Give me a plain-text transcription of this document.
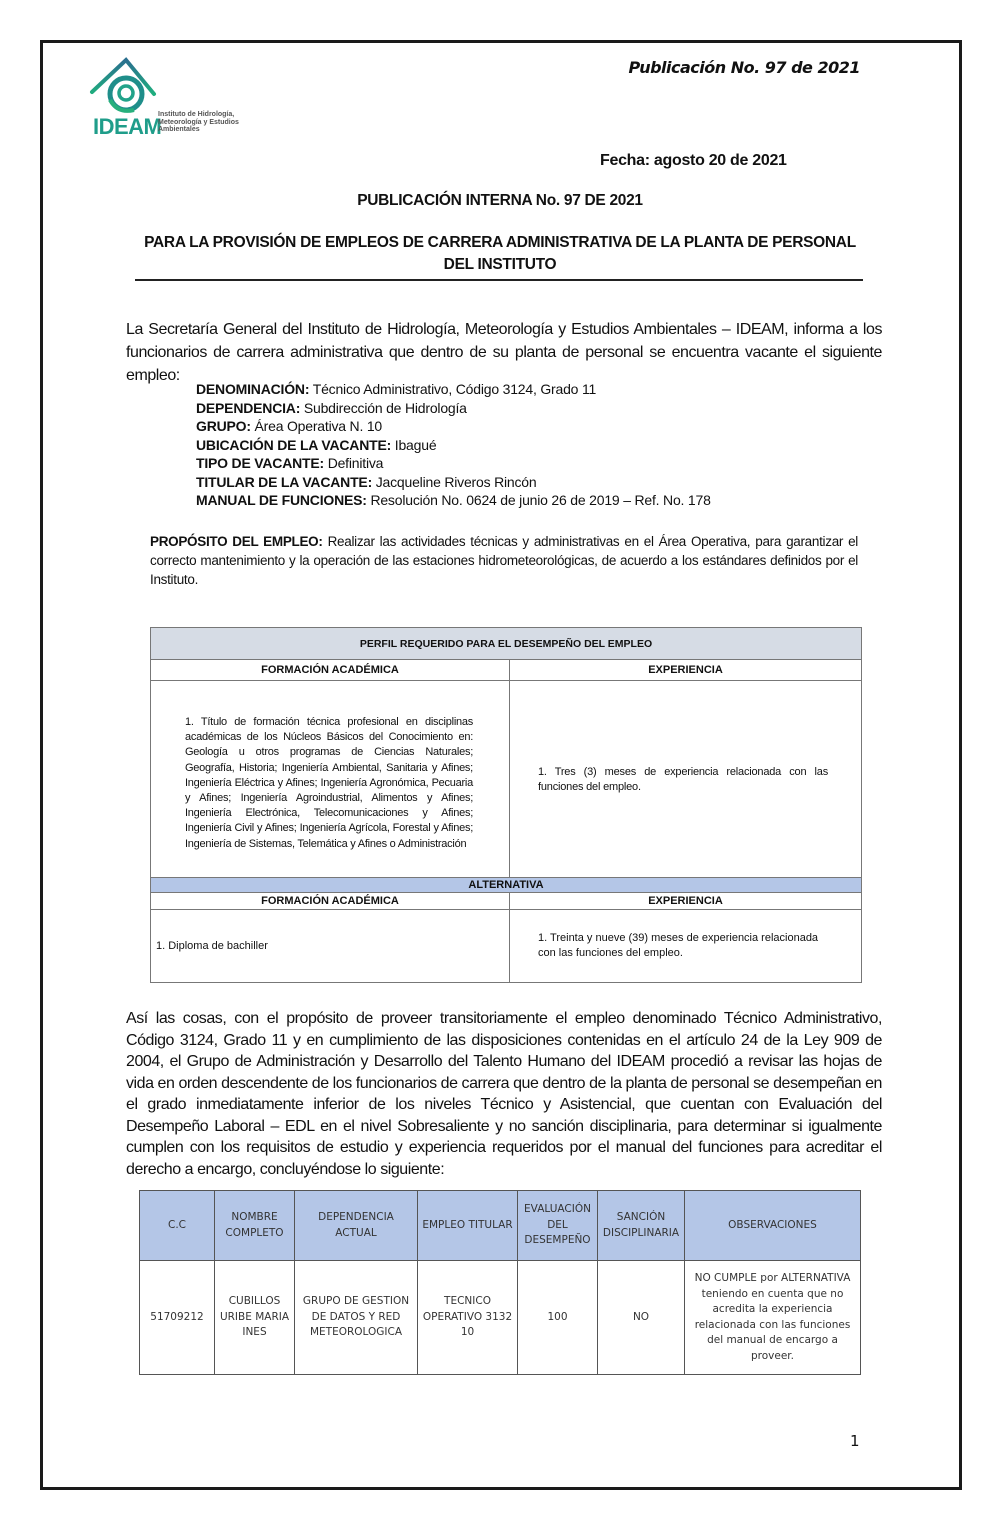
IDEAM
Instituto de Hidrología, Meteorología y Estudios Ambientales
Publicación No. 97 de 2021
Fecha: agosto 20 de 2021
PUBLICACIÓN INTERNA No. 97 DE 2021
PARA LA PROVISIÓN DE EMPLEOS DE CARRERA ADMINISTRATIVA DE LA PLANTA DE PERSONAL DEL INSTITUTO
La Secretaría General del Instituto de Hidrología, Meteorología y Estudios Ambientales – IDEAM, informa a los funcionarios de carrera administrativa que dentro de su planta de personal se encuentra vacante el siguiente empleo:
DENOMINACIÓN: Técnico Administrativo, Código 3124, Grado 11
DEPENDENCIA: Subdirección de Hidrología
GRUPO: Área Operativa N. 10
UBICACIÓN DE LA VACANTE: Ibagué
TIPO DE VACANTE: Definitiva
TITULAR DE LA VACANTE: Jacqueline Riveros Rincón
MANUAL DE FUNCIONES: Resolución No. 0624 de junio 26 de 2019 – Ref. No. 178
PROPÓSITO DEL EMPLEO: Realizar las actividades técnicas y administrativas en el Área Operativa, para garantizar el correcto mantenimiento y la operación de las estaciones hidrometeorológicas, de acuerdo a los estándares definidos por el Instituto.
PERFIL REQUERIDO PARA EL DESEMPEÑO DEL EMPLEO	
FORMACIÓN ACADÉMICA	EXPERIENCIA

1. Título de formación técnica profesional en disciplinas académicas de los Núcleos Básicos del Conocimiento en: Geología u otros programas de Ciencias Naturales; Geografía, Historia; Ingeniería Ambiental, Sanitaria y Afines; Ingeniería Eléctrica y Afines; Ingeniería Agronómica, Pecuaria y Afines; Ingeniería Agroindustrial, Alimentos y Afines; Ingeniería Electrónica, Telecomunicaciones y Afines; Ingeniería Civil y Afines; Ingeniería Agrícola, Forestal y Afines; Ingeniería de Sistemas, Telemática y Afines o Administración	1. Tres (3) meses de experiencia relacionada con las funciones del empleo.

ALTERNATIVA	
FORMACIÓN ACADÉMICA	EXPERIENCIA

1. Diploma de bachiller	1. Treinta y nueve (39) meses de experiencia relacionada con las funciones del empleo.
Así las cosas, con el propósito de proveer transitoriamente el empleo denominado Técnico Administrativo, Código 3124, Grado 11 y en cumplimiento de las disposiciones contenidas en el artículo 24 de la Ley 909 de 2004, el Grupo de Administración y Desarrollo del Talento Humano del IDEAM procedió a revisar las hojas de vida en orden descendente de los funcionarios de carrera que dentro de la planta de personal se desempeñan en el grado inmediatamente inferior de los niveles Técnico y Asistencial, que cuentan con Evaluación del Desempeño Laboral – EDL en el nivel Sobresaliente y no sanción disciplinaria, para determinar si igualmente cumplen con los requisitos de estudio y experiencia requeridos por el manual del funciones para acreditar el derecho a encargo, concluyéndose lo siguiente:
C.C	NOMBRE COMPLETO	DEPENDENCIA ACTUAL	EMPLEO TITULAR	EVALUACIÓN DEL DESEMPEÑO	SANCIÓN DISCIPLINARIA	OBSERVACIONES
51709212	CUBILLOS URIBE MARIA INES	GRUPO DE GESTION DE DATOS Y RED METEOROLOGICA	TECNICO OPERATIVO 3132 10	100	NO	NO CUMPLE por ALTERNATIVA teniendo en cuenta que no acredita la experiencia relacionada con las funciones del manual de encargo a proveer.
1
